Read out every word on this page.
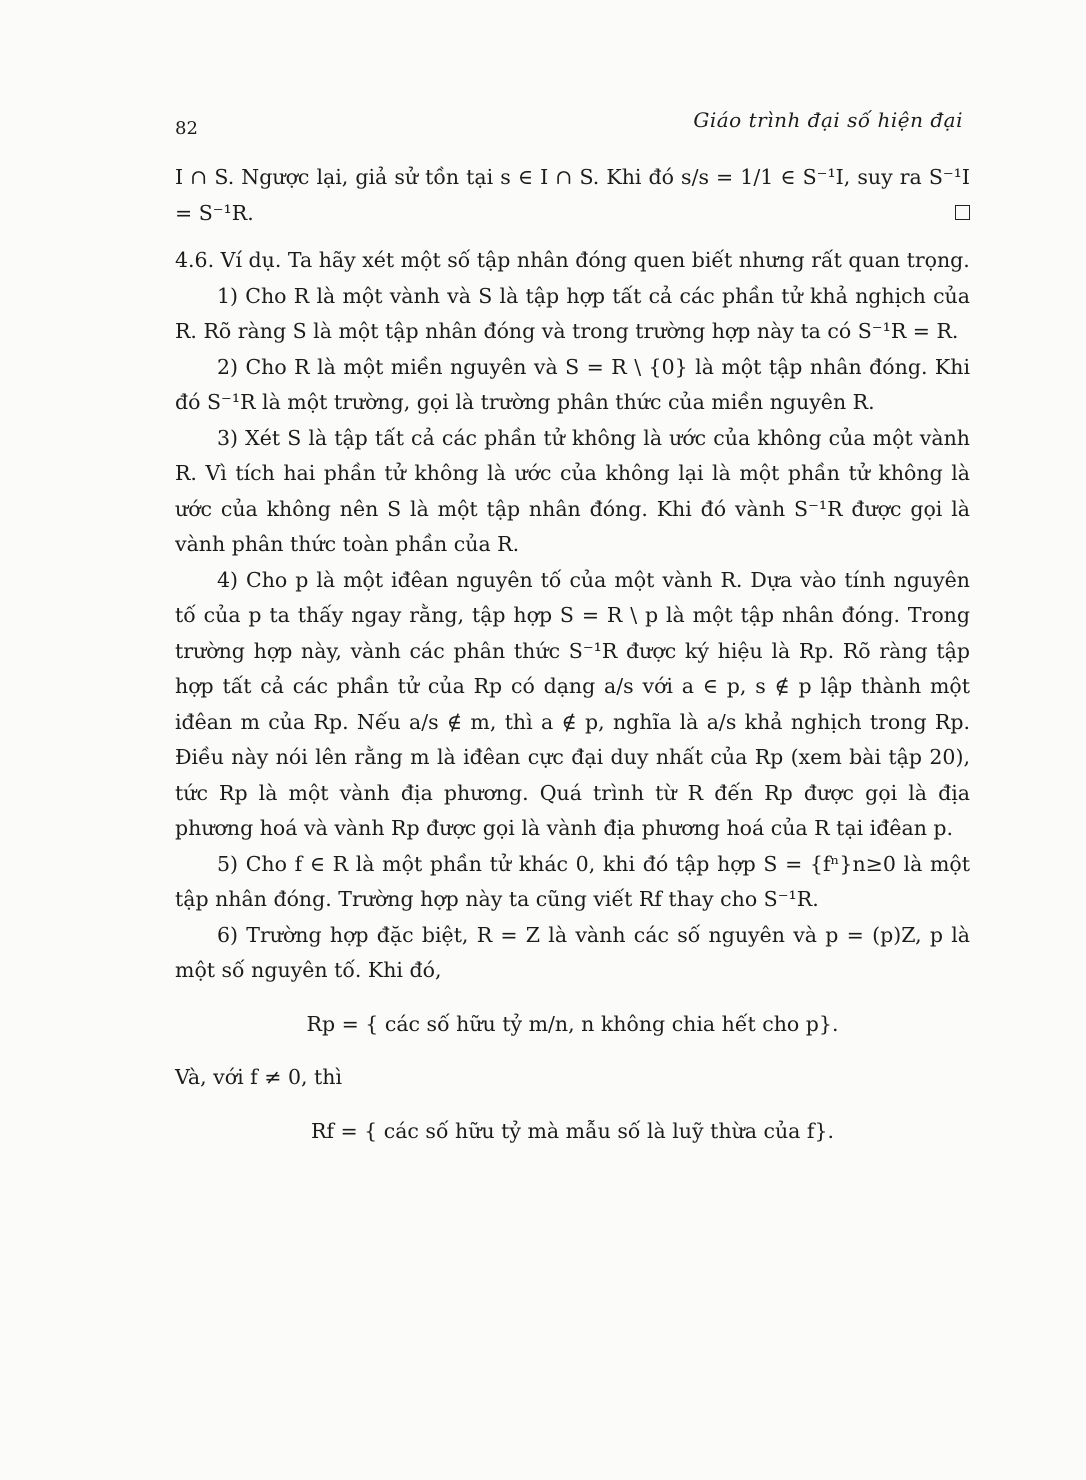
82	Giáo trình đại số hiện đại

I ∩ S. Ngược lại, giả sử tồn tại s ∈ I ∩ S. Khi đó s/s = 1/1 ∈ S⁻¹I, suy ra S⁻¹I = S⁻¹R.

4.6. Ví dụ. Ta hãy xét một số tập nhân đóng quen biết nhưng rất quan trọng.

1) Cho R là một vành và S là tập hợp tất cả các phần tử khả nghịch của R. Rõ ràng S là một tập nhân đóng và trong trường hợp này ta có S⁻¹R = R.

2) Cho R là một miền nguyên và S = R \ {0} là một tập nhân đóng. Khi đó S⁻¹R là một trường, gọi là trường phân thức của miền nguyên R.

3) Xét S là tập tất cả các phần tử không là ước của không của một vành R. Vì tích hai phần tử không là ước của không lại là một phần tử không là ước của không nên S là một tập nhân đóng. Khi đó vành S⁻¹R được gọi là vành phân thức toàn phần của R.

4) Cho p là một iđêan nguyên tố của một vành R. Dựa vào tính nguyên tố của p ta thấy ngay rằng, tập hợp S = R \ p là một tập nhân đóng. Trong trường hợp này, vành các phân thức S⁻¹R được ký hiệu là Rp. Rõ ràng tập hợp tất cả các phần tử của Rp có dạng a/s với a ∈ p, s ∉ p lập thành một iđêan m của Rp. Nếu a/s ∉ m, thì a ∉ p, nghĩa là a/s khả nghịch trong Rp. Điều này nói lên rằng m là iđêan cực đại duy nhất của Rp (xem bài tập 20), tức Rp là một vành địa phương. Quá trình từ R đến Rp được gọi là địa phương hoá và vành Rp được gọi là vành địa phương hoá của R tại iđêan p.

5) Cho f ∈ R là một phần tử khác 0, khi đó tập hợp S = {fⁿ}n≥0 là một tập nhân đóng. Trường hợp này ta cũng viết Rf thay cho S⁻¹R.

6) Trường hợp đặc biệt, R = Z là vành các số nguyên và p = (p)Z, p là một số nguyên tố. Khi đó,

Rp = { các số hữu tỷ m/n, n không chia hết cho p}.

Và, với f ≠ 0, thì

Rf = { các số hữu tỷ mà mẫu số là luỹ thừa của f}.
